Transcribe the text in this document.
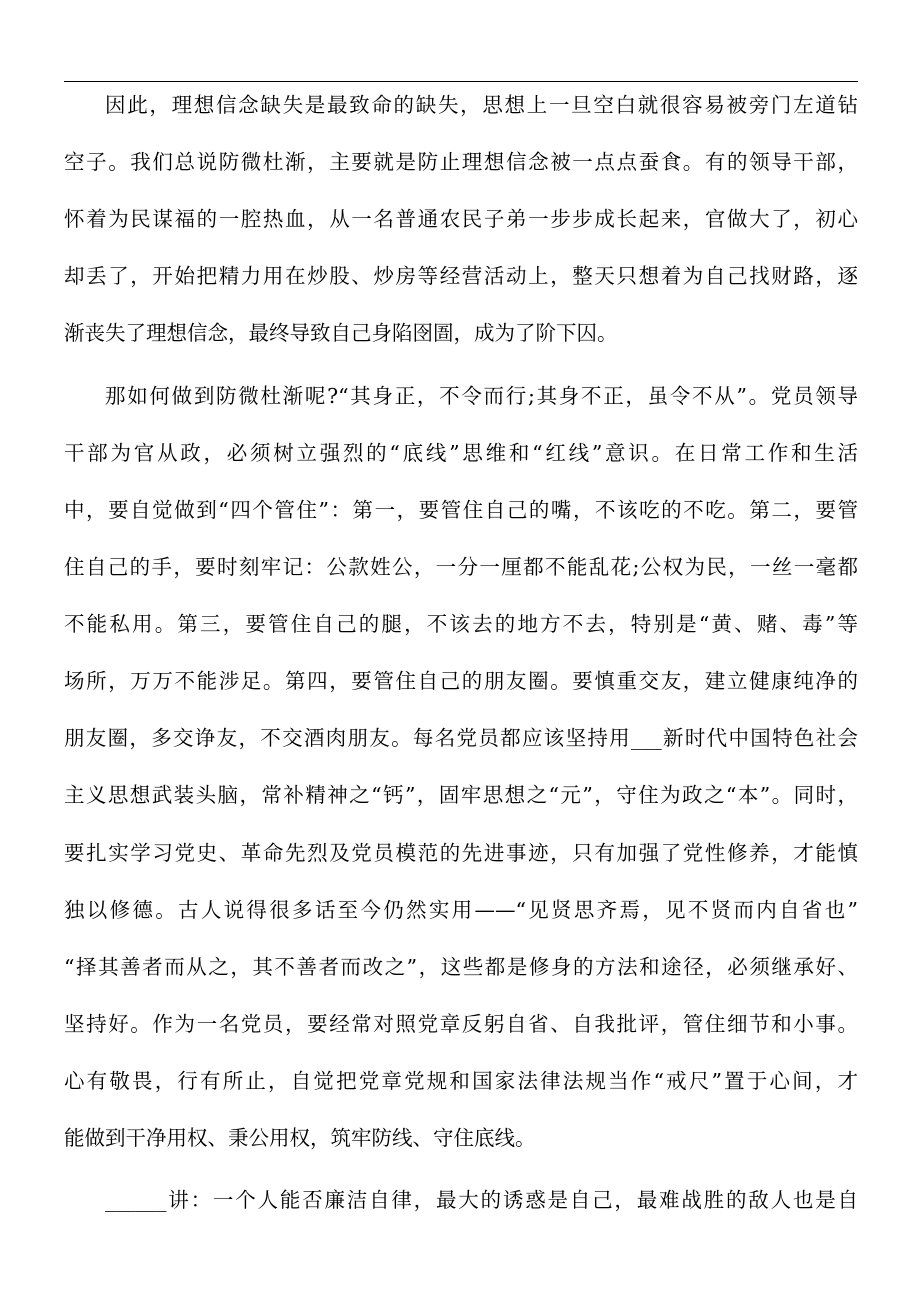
因此，理想信念缺失是最致命的缺失，思想上一旦空白就很容易被旁门左道钻
空子。我们总说防微杜渐，主要就是防止理想信念被一点点蚕食。有的领导干部，
怀着为民谋福的一腔热血，从一名普通农民子弟一步步成长起来，官做大了，初心
却丢了，开始把精力用在炒股、炒房等经营活动上，整天只想着为自己找财路，逐
渐丧失了理想信念，最终导致自己身陷囹圄，成为了阶下囚。
那如何做到防微杜渐呢?“其身正，不令而行;其身不正，虽令不从”。党员领导
干部为官从政，必须树立强烈的“底线”思维和“红线”意识。在日常工作和生活
中，要自觉做到“四个管住”：第一，要管住自己的嘴，不该吃的不吃。第二，要管
住自己的手，要时刻牢记：公款姓公，一分一厘都不能乱花;公权为民，一丝一毫都
不能私用。第三，要管住自己的腿，不该去的地方不去，特别是“黄、赌、毒”等
场所，万万不能涉足。第四，要管住自己的朋友圈。要慎重交友，建立健康纯净的
朋友圈，多交诤友，不交酒肉朋友。每名党员都应该坚持用___新时代中国特色社会
主义思想武装头脑，常补精神之“钙”，固牢思想之“元”，守住为政之“本”。同时，
要扎实学习党史、革命先烈及党员模范的先进事迹，只有加强了党性修养，才能慎
独以修德。古人说得很多话至今仍然实用——“见贤思齐焉，见不贤而内自省也”
“择其善者而从之，其不善者而改之”，这些都是修身的方法和途径，必须继承好、
坚持好。作为一名党员，要经常对照党章反躬自省、自我批评，管住细节和小事。
心有敬畏，行有所止，自觉把党章党规和国家法律法规当作“戒尺”置于心间，才
能做到干净用权、秉公用权，筑牢防线、守住底线。
______讲：一个人能否廉洁自律，最大的诱惑是自己，最难战胜的敌人也是自
